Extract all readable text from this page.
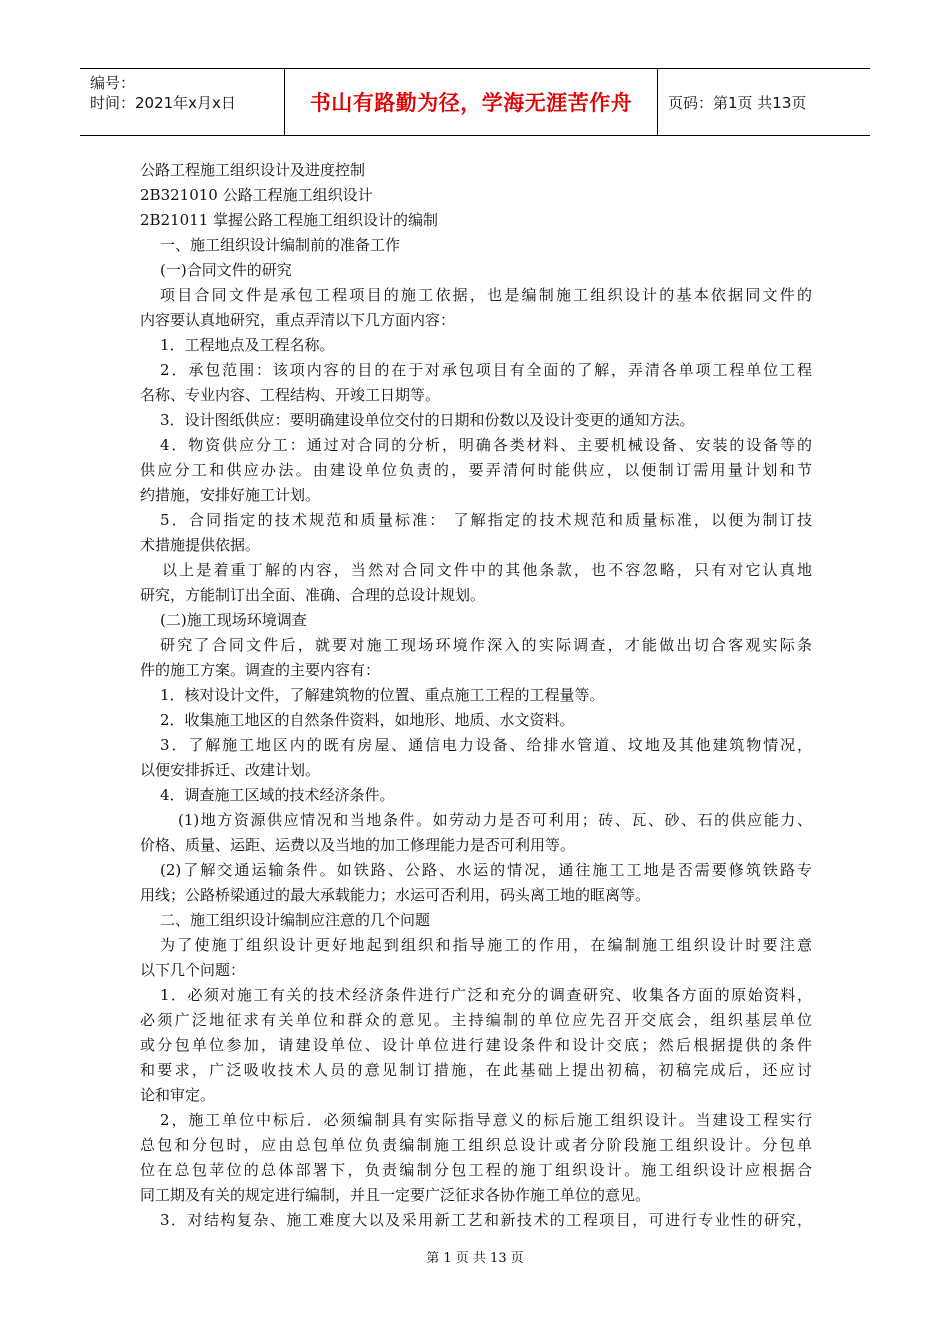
编号：
时间：2021年x月x日	书山有路勤为径，学海无涯苦作舟 页码：第1页 共13页

公路工程施工组织设计及进度控制

2B321010 公路工程施工组织设计

2B21011 掌握公路工程施工组织设计的编制

一、施工组织设计编制前的准备工作

(一)合同文件的研究

项目合同文件是承包工程项目的施工依据，也是编制施工组织设计的基本依据同文件的

内容要认真地研究，重点弄清以下几方面内容：

1．工程地点及工程名称。

2．承包范围：该项内容的目的在于对承包项目有全面的了解，弄清各单项工程单位工程

名称、专业内容、工程结构、开竣工日期等。

3．设计图纸供应：要明确建设单位交付的日期和份数以及设计变更的通知方法。

4．物资供应分工：通过对合同的分析，明确各类材料、主要机械设备、安装的设备等的

供应分工和供应办法。由建设单位负责的，要弄清何时能供应，以便制订需用量计划和节

约措施，安排好施工计划。

5．合同指定的技术规范和质量标准： 了解指定的技术规范和质量标准，以便为制订技

术措施提供依据。

以上是着重丁解的内容，当然对合同文件中的其他条款，也不容忽略，只有对它认真地

研究，方能制订出全面、准确、合理的总设计规划。

(二)施工现场环境调查

研究了合同文件后，就要对施工现场环境作深入的实际调查，才能做出切合客观实际条

件的施工方案。调查的主要内容有：

1．核对设计文件，了解建筑物的位置、重点施工工程的工程量等。

2．收集施工地区的自然条件资料，如地形、地质、水文资料。

3．了解施工地区内的既有房屋、通信电力设备、给排水管道、坟地及其他建筑物情况，

以便安排拆迁、改建计划。

4．调查施工区域的技术经济条件。

(1)地方资源供应情况和当地条件。如劳动力是否可利用；砖、瓦、砂、石的供应能力、

价格、质量、运距、运费以及当地的加工修理能力是否可利用等。

(2)了解交通运输条件。如铁路、公路、水运的情况，通往施工工地是否需要修筑铁路专

用线；公路桥梁通过的最大承载能力；水运可否利用，码头离工地的眶离等。

二、施工组织设计编制应注意的几个问题

为了使施丁组织设计更好地起到组织和指导施工的作用，在编制施工组织设计时要注意

以下几个问题：

1．必须对施工有关的技术经济条件进行广泛和充分的调查研究、收集各方面的原始资料，

必须广泛地征求有关单位和群众的意见。主持编制的单位应先召开交底会，组织基层单位

或分包单位参加，请建设单位、设计单位进行建设条件和设计交底；然后根据提供的条件

和要求，广泛吸收技术人员的意见制订措施，在此基础上提出初稿，初稿完成后，还应讨

论和审定。

2，施工单位中标后．必须编制具有实际指导意义的标后施工组织设计。当建设工程实行

总包和分包时，应由总包单位负责编制施工组织总设计或者分阶段施工组织设计。分包单

位在总包苹位的总体部署下，负责编制分包工程的施丁组织设计。施工组织设计应根据合

同工期及有关的规定进行编制，并且一定要广泛征求各协作施工单位的意见。

3．对结构复杂、施工难度大以及采用新工艺和新技术的工程项目，可进行专业性的研究，

第 1 页 共 13 页
